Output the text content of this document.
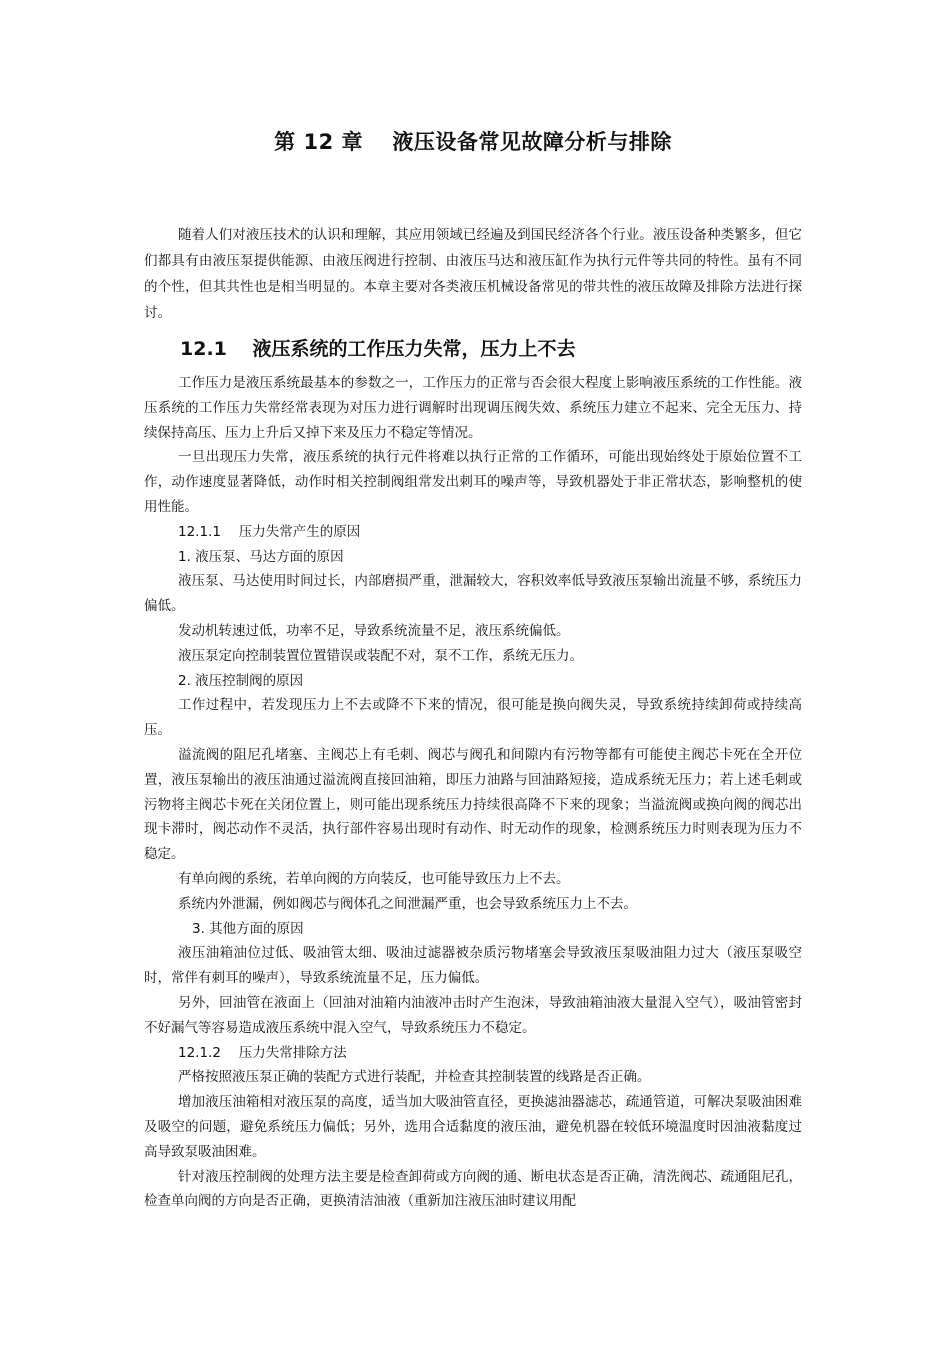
第 12 章　 液压设备常见故障分析与排除

随着人们对液压技术的认识和理解，其应用领域已经遍及到国民经济各个行业。液压设备种类繁多，但它们都具有由液压泵提供能源、由液压阀进行控制、由液压马达和液压缸作为执行元件等共同的特性。虽有不同的个性，但其共性也是相当明显的。本章主要对各类液压机械设备常见的带共性的液压故障及排除方法进行探讨。

12.1　 液压系统的工作压力失常，压力上不去

工作压力是液压系统最基本的参数之一，工作压力的正常与否会很大程度上影响液压系统的工作性能。液压系统的工作压力失常经常表现为对压力进行调解时出现调压阀失效、系统压力建立不起来、完全无压力、持续保持高压、压力上升后又掉下来及压力不稳定等情况。

一旦出现压力失常，液压系统的执行元件将难以执行正常的工作循环，可能出现始终处于原始位置不工作，动作速度显著降低，动作时相关控制阀组常发出刺耳的噪声等，导致机器处于非正常状态，影响整机的使用性能。

12.1.1　 压力失常产生的原因
1. 液压泵、马达方面的原因

液压泵、马达使用时间过长，内部磨损严重，泄漏较大，容积效率低导致液压泵输出流量不够，系统压力偏低。

发动机转速过低，功率不足，导致系统流量不足，液压系统偏低。

液压泵定向控制装置位置错误或装配不对，泵不工作，系统无压力。

2. 液压控制阀的原因

工作过程中，若发现压力上不去或降不下来的情况，很可能是换向阀失灵，导致系统持续卸荷或持续高压。

溢流阀的阻尼孔堵塞、主阀芯上有毛刺、阀芯与阀孔和间隙内有污物等都有可能使主阀芯卡死在全开位置，液压泵输出的液压油通过溢流阀直接回油箱，即压力油路与回油路短接，造成系统无压力；若上述毛刺或污物将主阀芯卡死在关闭位置上，则可能出现系统压力持续很高降不下来的现象；当溢流阀或换向阀的阀芯出现卡滞时，阀芯动作不灵活，执行部件容易出现时有动作、时无动作的现象，检测系统压力时则表现为压力不稳定。

有单向阀的系统，若单向阀的方向装反，也可能导致压力上不去。

系统内外泄漏，例如阀芯与阀体孔之间泄漏严重，也会导致系统压力上不去。

3. 其他方面的原因

液压油箱油位过低、吸油管太细、吸油过滤器被杂质污物堵塞会导致液压泵吸油阻力过大（液压泵吸空时，常伴有刺耳的噪声），导致系统流量不足，压力偏低。

另外，回油管在液面上（回油对油箱内油液冲击时产生泡沫，导致油箱油液大量混入空气），吸油管密封不好漏气等容易造成液压系统中混入空气，导致系统压力不稳定。

12.1.2　 压力失常排除方法

严格按照液压泵正确的装配方式进行装配，并检查其控制装置的线路是否正确。

增加液压油箱相对液压泵的高度，适当加大吸油管直径，更换滤油器滤芯，疏通管道，可解决泵吸油困难及吸空的问题，避免系统压力偏低；另外，选用合适黏度的液压油，避免机器在较低环境温度时因油液黏度过高导致泵吸油困难。

针对液压控制阀的处理方法主要是检查卸荷或方向阀的通、断电状态是否正确，清洗阀芯、疏通阻尼孔，检查单向阀的方向是否正确，更换清洁油液（重新加注液压油时建议用配
